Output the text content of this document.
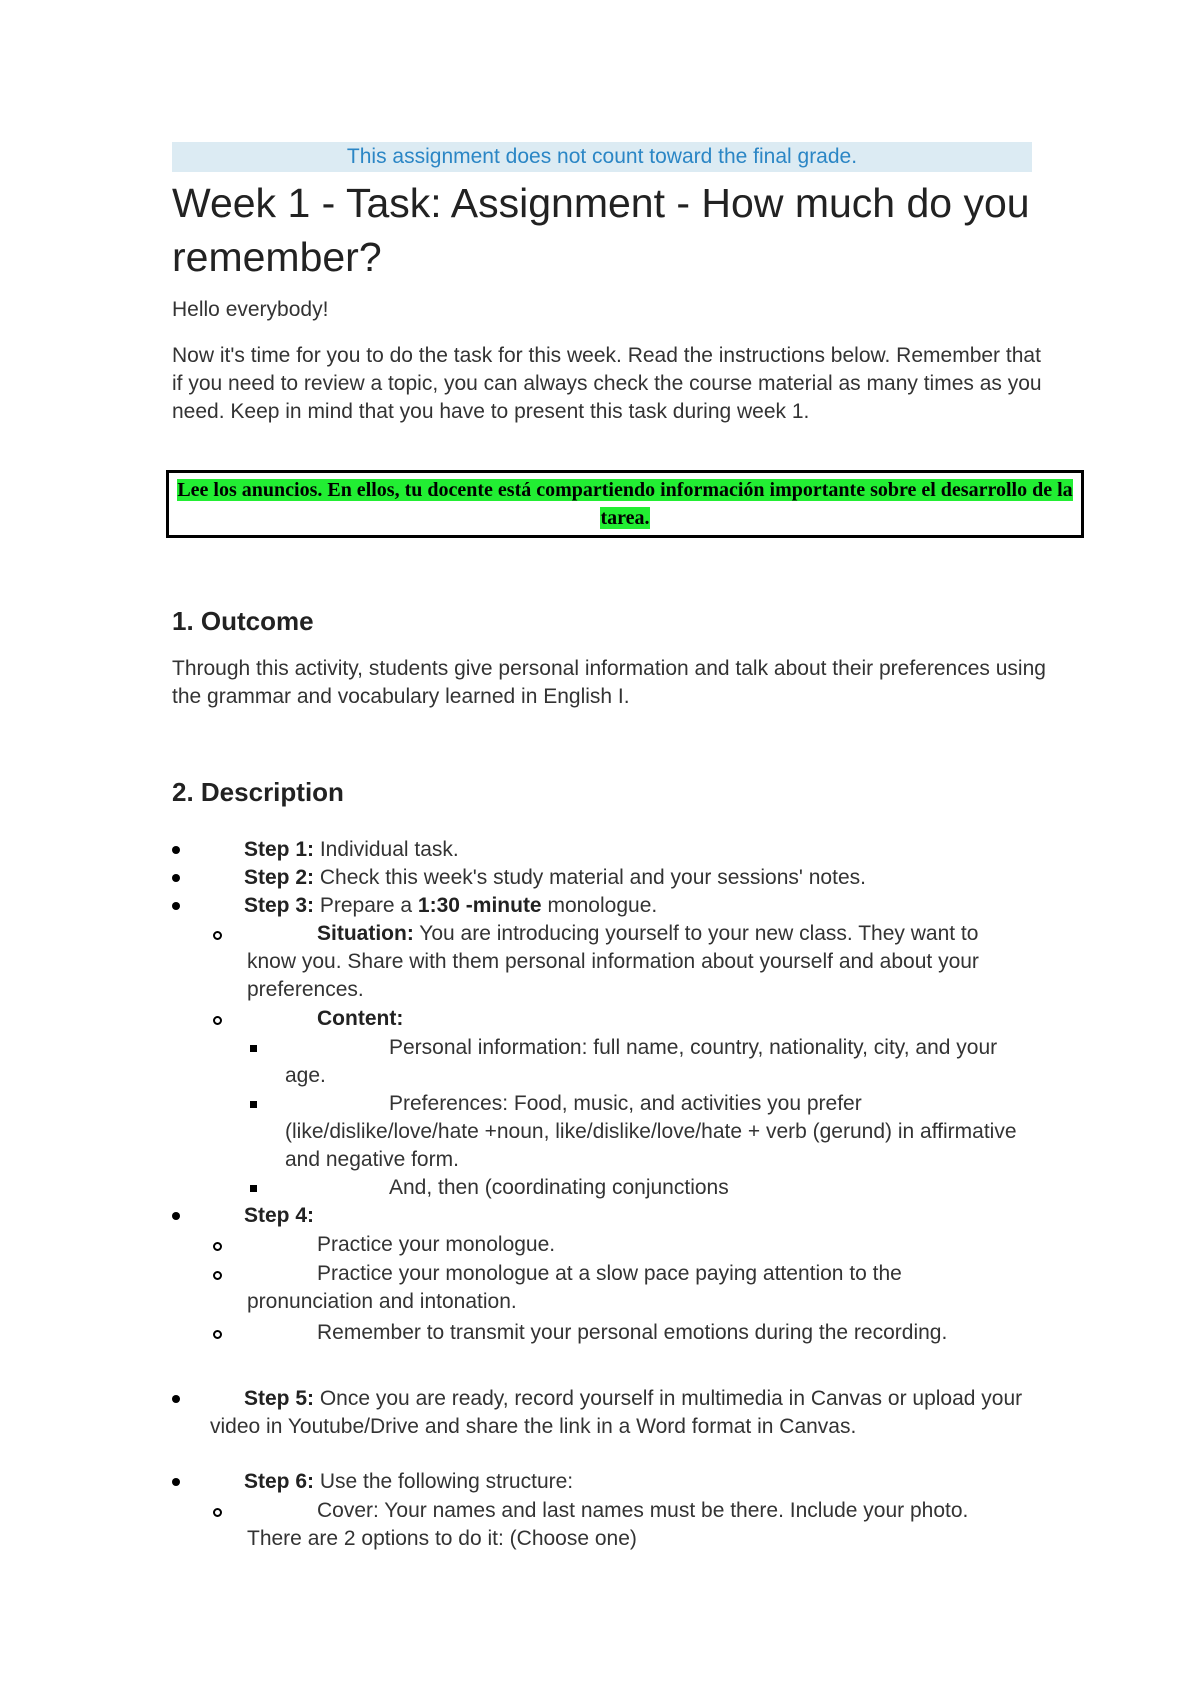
This assignment does not count toward the final grade.
Week 1 - Task: Assignment - How much do you remember?

Hello everybody!

Now it's time for you to do the task for this week. Read the instructions below. Remember that if you need to review a topic, you can always check the course material as many times as you need. Keep in mind that you have to present this task during week 1.

Lee los anuncios. En ellos, tu docente está compartiendo información importante sobre el desarrollo de la tarea.
1. Outcome

Through this activity, students give personal information and talk about their preferences using the grammar and vocabulary learned in English I.

2. Description
Step 1: Individual task.
Step 2: Check this week's study material and your sessions' notes.
Step 3: Prepare a 1:30 -minute monologue.
Situation: You are introducing yourself to your new class. They want to know you. Share with them personal information about yourself and about your preferences.
Content:
Personal information: full name, country, nationality, city, and your age.
Preferences: Food, music, and activities you prefer (like/dislike/love/hate +noun, like/dislike/love/hate + verb (gerund) in affirmative and negative form.
And, then (coordinating conjunctions
Step 4:
Practice your monologue.
Practice your monologue at a slow pace paying attention to the pronunciation and intonation.
Remember to transmit your personal emotions during the recording.
Step 5: Once you are ready, record yourself in multimedia in Canvas or upload your video in Youtube/Drive and share the link in a Word format in Canvas.
Step 6: Use the following structure:
Cover: Your names and last names must be there. Include your photo. There are 2 options to do it: (Choose one)
